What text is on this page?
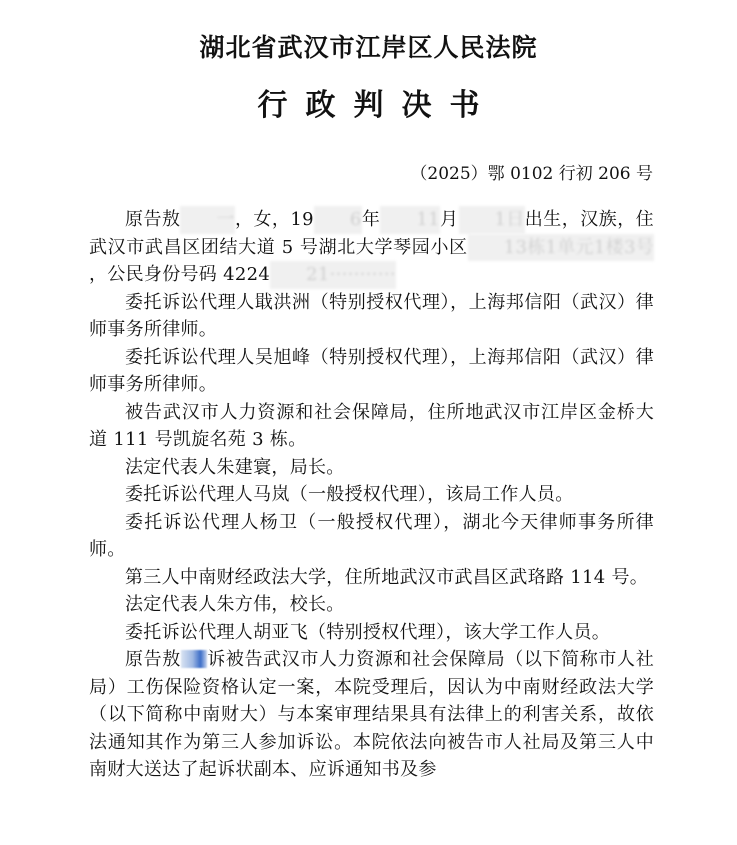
湖北省武汉市江岸区人民法院
行政判决书
（2025）鄂 0102 行初 206 号

原告敖 一，女，19 6年 11月 1日出生，汉族，住武汉市武昌区团结大道 5 号湖北大学琴园小区 13栋1单元1楼3号，公民身份号码 4224 21···········

委托诉讼代理人戢洪洲（特别授权代理），上海邦信阳（武汉）律师事务所律师。

委托诉讼代理人吴旭峰（特别授权代理），上海邦信阳（武汉）律师事务所律师。

被告武汉市人力资源和社会保障局，住所地武汉市江岸区金桥大道 111 号凯旋名苑 3 栋。

法定代表人朱建寰，局长。

委托诉讼代理人马岚（一般授权代理），该局工作人员。

委托诉讼代理人杨卫（一般授权代理），湖北今天律师事务所律师。

第三人中南财经政法大学，住所地武汉市武昌区武珞路 114 号。

法定代表人朱方伟，校长。

委托诉讼代理人胡亚飞（特别授权代理），该大学工作人员。

原告敖 诉被告武汉市人力资源和社会保障局（以下简称市人社局）工伤保险资格认定一案，本院受理后，因认为中南财经政法大学（以下简称中南财大）与本案审理结果具有法律上的利害关系，故依法通知其作为第三人参加诉讼。本院依法向被告市人社局及第三人中南财大送达了起诉状副本、应诉通知书及参
